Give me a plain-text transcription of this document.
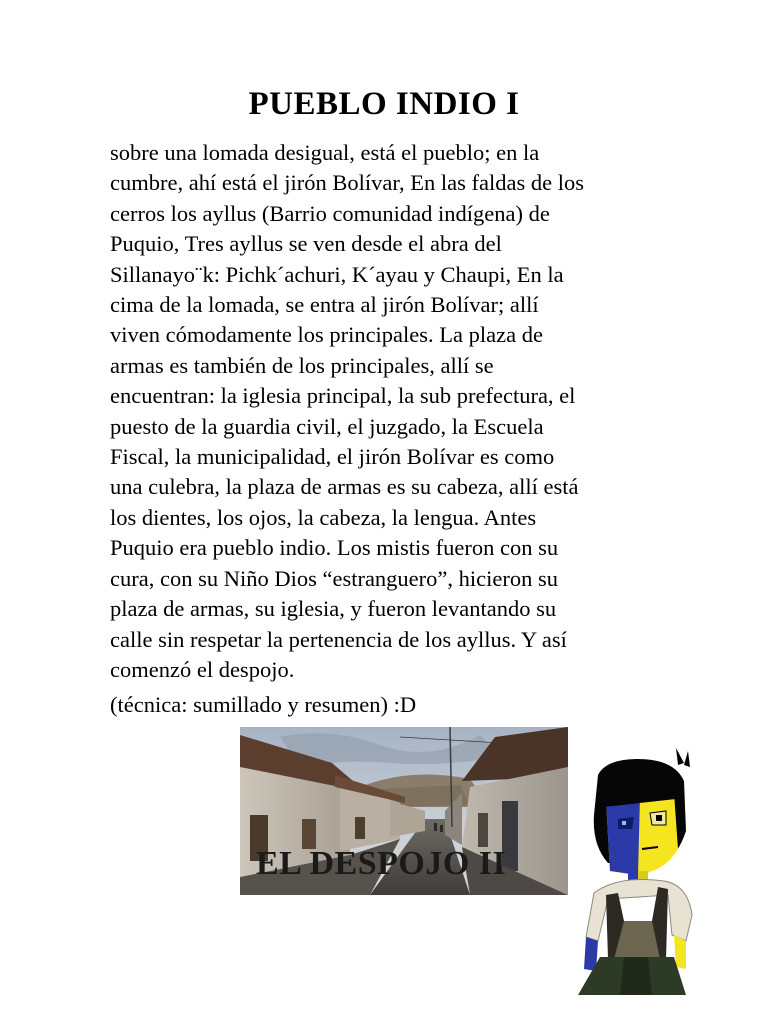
PUEBLO INDIO I

sobre una lomada desigual, está el pueblo; en la
cumbre, ahí está el jirón Bolívar, En las faldas de los
cerros los ayllus (Barrio comunidad indígena) de
Puquio, Tres ayllus se ven desde el abra del
Sillanayo¨k: Pichk´achuri, K´ayau y Chaupi, En la
cima de la lomada, se entra al jirón Bolívar; allí
viven cómodamente los principales. La plaza de
armas es también de los principales, allí se
encuentran: la iglesia principal, la sub prefectura, el
puesto de la guardia civil, el juzgado, la Escuela
Fiscal, la municipalidad, el jirón Bolívar es como
una culebra, la plaza de armas es su cabeza, allí está
los dientes, los ojos, la cabeza, la lengua. Antes
Puquio era pueblo indio. Los mistis fueron con su
cura, con su Niño Dios “estranguero”, hicieron su
plaza de armas, su iglesia, y fueron levantando su
calle sin respetar la pertenencia de los ayllus. Y así
comenzó el despojo.

(técnica: sumillado y resumen) :D

EL DESPOJO II
